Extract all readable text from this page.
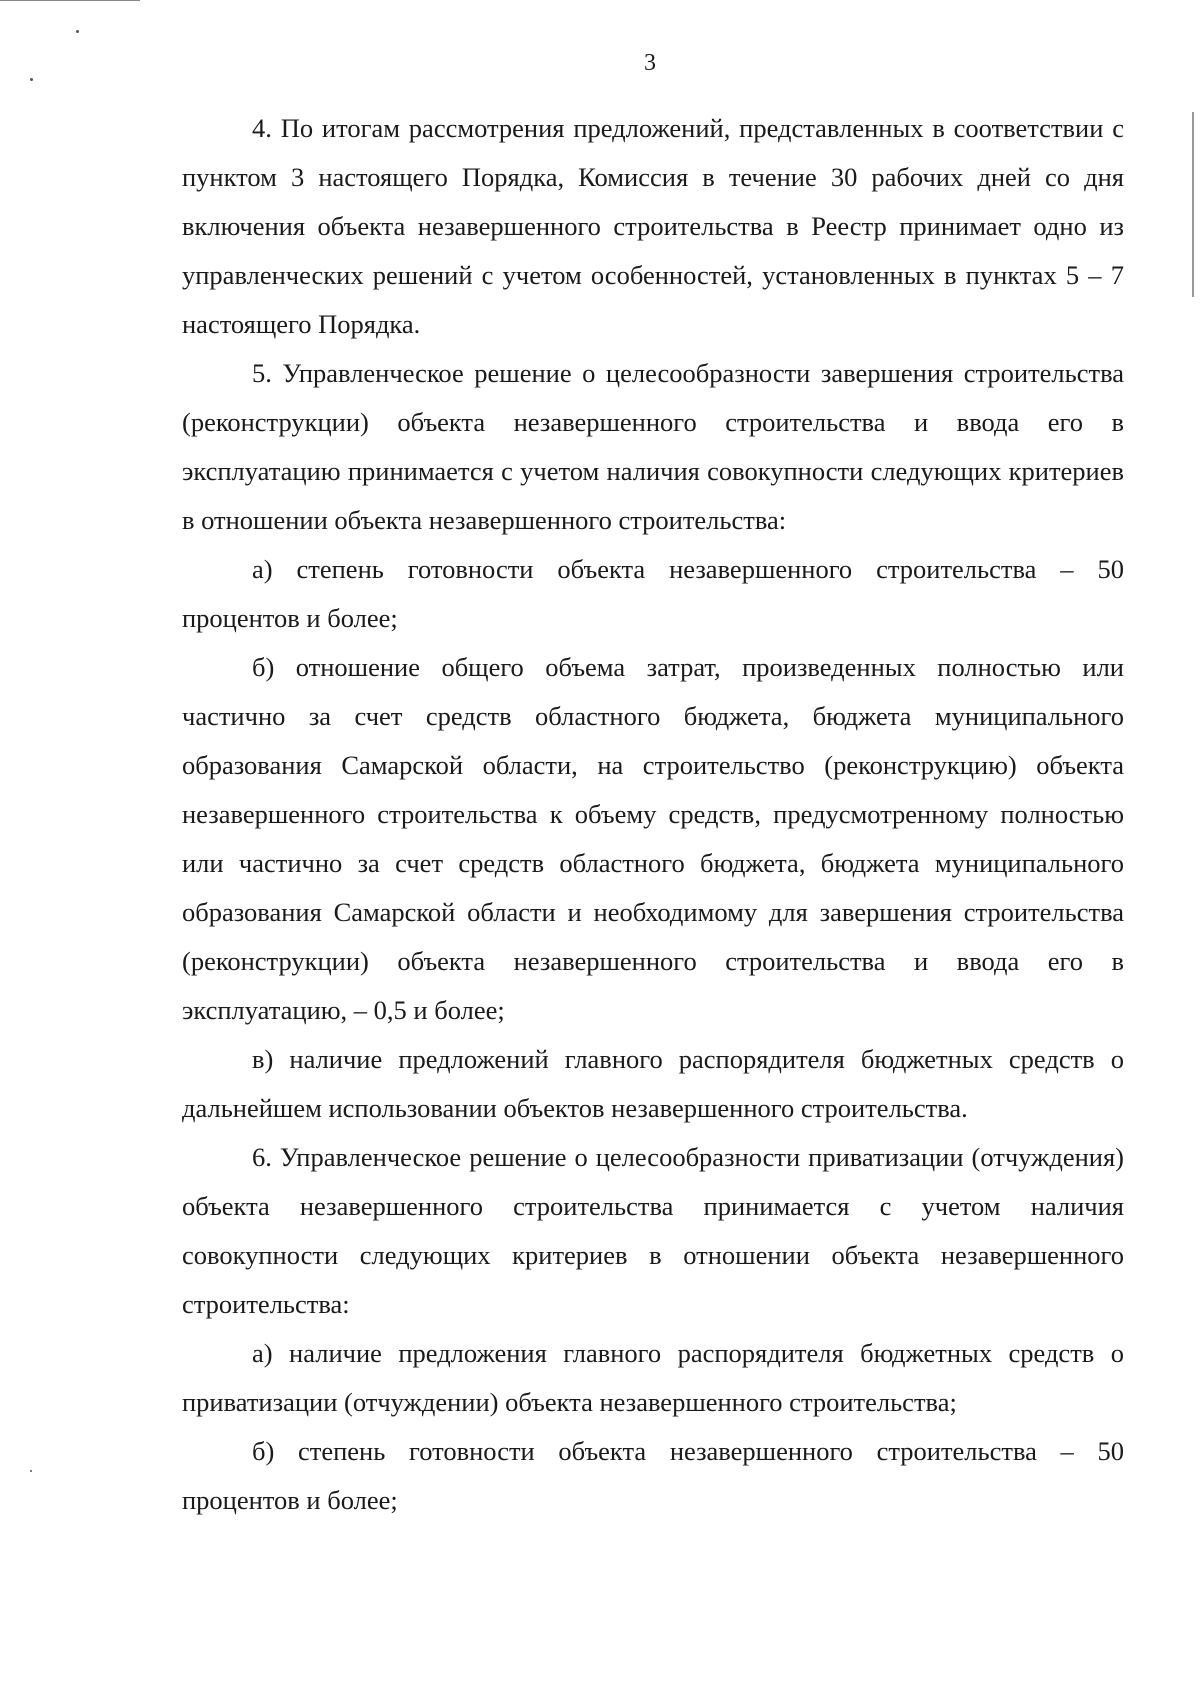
3

4. По итогам рассмотрения предложений, представленных в соответствии с пунктом 3 настоящего Порядка, Комиссия в течение 30 рабочих дней со дня включения объекта незавершенного строительства в Реестр принимает одно из управленческих решений с учетом особенностей, установленных в пунктах 5 – 7 настоящего Порядка.

5. Управленческое решение о целесообразности завершения строительства (реконструкции) объекта незавершенного строительства и ввода его в эксплуатацию принимается с учетом наличия совокупности следующих критериев в отношении объекта незавершенного строительства:

а) степень готовности объекта незавершенного строительства – 50 процентов и более;

б) отношение общего объема затрат, произведенных полностью или частично за счет средств областного бюджета, бюджета муниципального образования Самарской области, на строительство (реконструкцию) объекта незавершенного строительства к объему средств, предусмотренному полностью или частично за счет средств областного бюджета, бюджета муниципального образования Самарской области и необходимому для завершения строительства (реконструкции) объекта незавершенного строительства и ввода его в эксплуатацию, – 0,5 и более;

в) наличие предложений главного распорядителя бюджетных средств о дальнейшем использовании объектов незавершенного строительства.

6. Управленческое решение о целесообразности приватизации (отчуждения) объекта незавершенного строительства принимается с учетом наличия совокупности следующих критериев в отношении объекта незавершенного строительства:

а) наличие предложения главного распорядителя бюджетных средств о приватизации (отчуждении) объекта незавершенного строительства;

б) степень готовности объекта незавершенного строительства – 50 процентов и более;
